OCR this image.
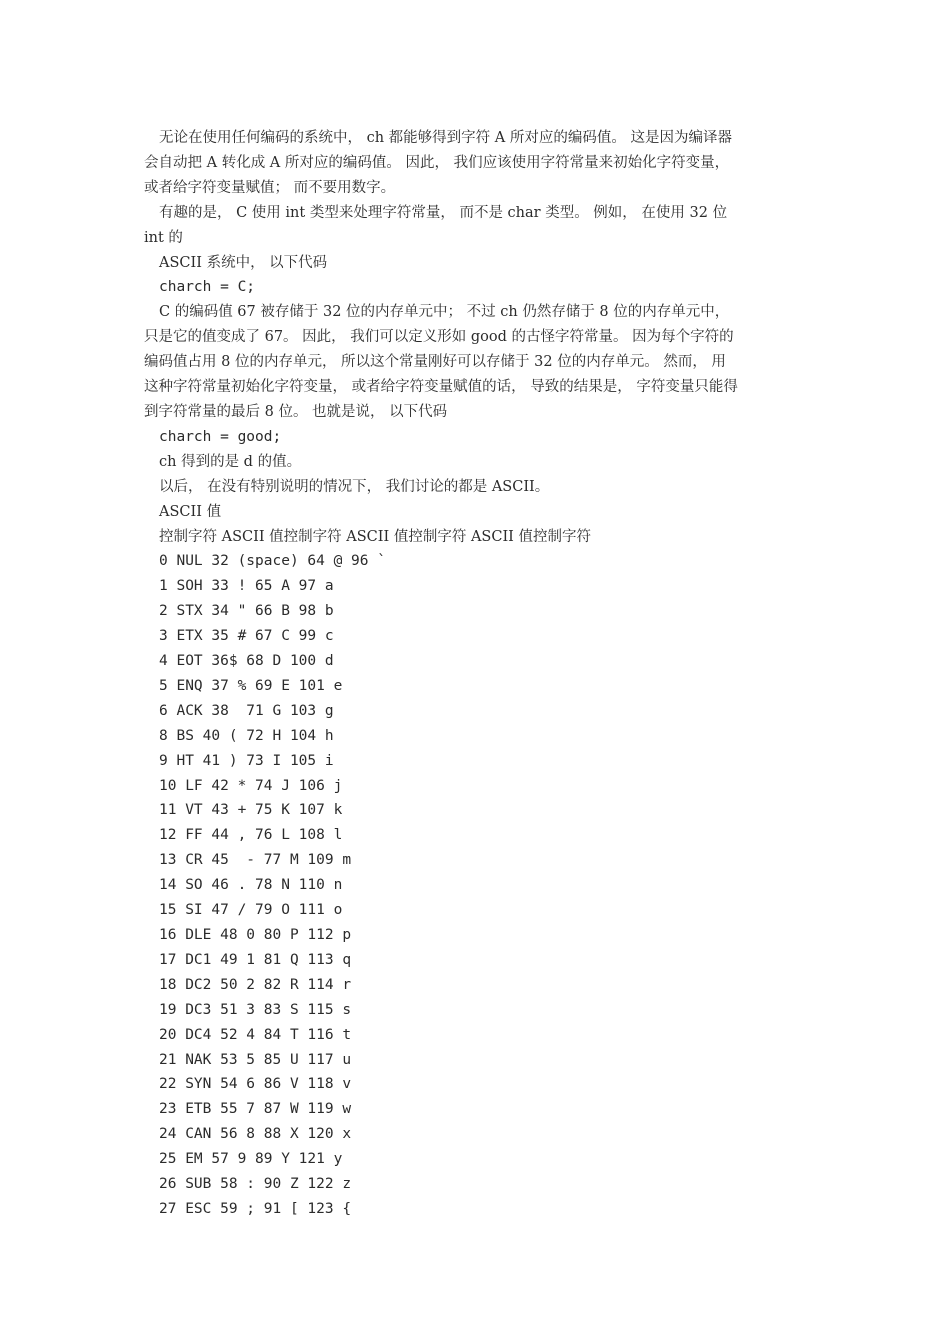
无论在使用任何编码的系统中， ch 都能够得到字符 A 所对应的编码值。 这是因为编译器

会自动把 A 转化成 A 所对应的编码值。 因此， 我们应该使用字符常量来初始化字符变量，

或者给字符变量赋值； 而不要用数字。

有趣的是， C 使用 int 类型来处理字符常量， 而不是 char 类型。 例如， 在使用 32 位

int 的

ASCII 系统中， 以下代码

charch = C;

C 的编码值 67 被存储于 32 位的内存单元中； 不过 ch 仍然存储于 8 位的内存单元中，

只是它的值变成了 67。 因此， 我们可以定义形如 good 的古怪字符常量。 因为每个字符的

编码值占用 8 位的内存单元， 所以这个常量刚好可以存储于 32 位的内存单元。 然而， 用

这种字符常量初始化字符变量， 或者给字符变量赋值的话， 导致的结果是， 字符变量只能得

到字符常量的最后 8 位。 也就是说， 以下代码

charch = good;

ch 得到的是 d 的值。

以后， 在没有特别说明的情况下， 我们讨论的都是 ASCII。

ASCII 值

控制字符 ASCII 值控制字符 ASCII 值控制字符 ASCII 值控制字符

0 NUL 32 (space) 64 @ 96 `
1 SOH 33 ! 65 A 97 a
2 STX 34 " 66 B 98 b
3 ETX 35 # 67 C 99 c
4 EOT 36$ 68 D 100 d
5 ENQ 37 % 69 E 101 e
6 ACK 38  71 G 103 g
8 BS 40 ( 72 H 104 h
9 HT 41 ) 73 I 105 i
10 LF 42 * 74 J 106 j
11 VT 43 + 75 K 107 k
12 FF 44 , 76 L 108 l
13 CR 45  - 77 M 109 m
14 SO 46 . 78 N 110 n
15 SI 47 / 79 O 111 o
16 DLE 48 0 80 P 112 p
17 DC1 49 1 81 Q 113 q
18 DC2 50 2 82 R 114 r
19 DC3 51 3 83 S 115 s
20 DC4 52 4 84 T 116 t
21 NAK 53 5 85 U 117 u
22 SYN 54 6 86 V 118 v
23 ETB 55 7 87 W 119 w
24 CAN 56 8 88 X 120 x
25 EM 57 9 89 Y 121 y
26 SUB 58 : 90 Z 122 z
27 ESC 59 ; 91 [ 123 {
